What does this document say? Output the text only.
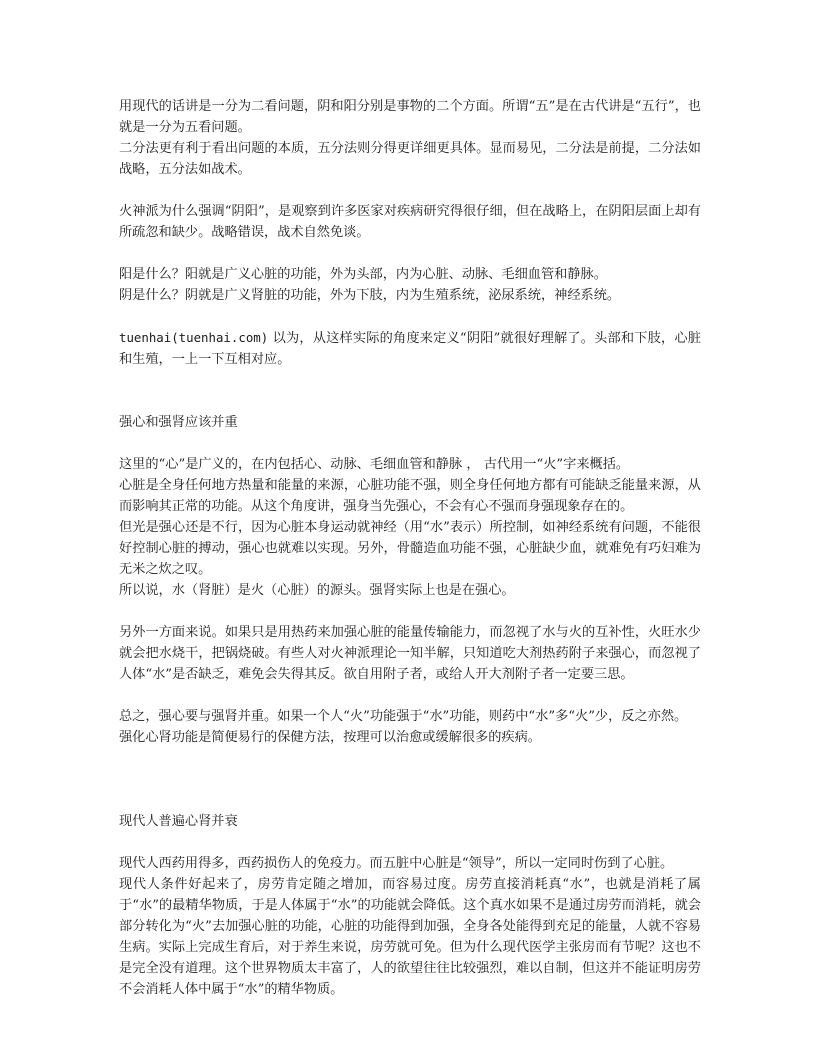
用现代的话讲是一分为二看问题，阴和阳分别是事物的二个方面。所谓“五”是在古代讲是“五行”，也就是一分为五看问题。

二分法更有利于看出问题的本质，五分法则分得更详细更具体。显而易见，二分法是前提，二分法如战略，五分法如战术。

火神派为什么强调“阴阳”，是观察到许多医家对疾病研究得很仔细，但在战略上，在阴阳层面上却有所疏忽和缺少。战略错误，战术自然免谈。

阳是什么？阳就是广义心脏的功能，外为头部，内为心脏、动脉、毛细血管和静脉。

阴是什么？阴就是广义肾脏的功能，外为下肢，内为生殖系统，泌尿系统，神经系统。

tuenhai(tuenhai.com) 以为，从这样实际的角度来定义“阴阳”就很好理解了。头部和下肢，心脏和生殖，一上一下互相对应。

强心和强肾应该并重

这里的“心”是广义的，在内包括心、动脉、毛细血管和静脉 ， 古代用一“火”字来概括。

心脏是全身任何地方热量和能量的来源，心脏功能不强，则全身任何地方都有可能缺乏能量来源，从而影响其正常的功能。从这个角度讲，强身当先强心，不会有心不强而身强现象存在的。

但光是强心还是不行，因为心脏本身运动就神经（用“水”表示）所控制，如神经系统有问题，不能很好控制心脏的搏动，强心也就难以实现。另外，骨髓造血功能不强，心脏缺少血，就难免有巧妇难为无米之炊之叹。

所以说，水（肾脏）是火（心脏）的源头。强肾实际上也是在强心。

另外一方面来说。如果只是用热药来加强心脏的能量传输能力，而忽视了水与火的互补性，火旺水少就会把水烧干，把锅烧破。有些人对火神派理论一知半解，只知道吃大剂热药附子来强心，而忽视了人体“水”是否缺乏，难免会失得其反。欲自用附子者，或给人开大剂附子者一定要三思。

总之，强心要与强肾并重。如果一个人“火”功能强于“水”功能，则药中“水”多“火”少，反之亦然。

强化心肾功能是简便易行的保健方法，按理可以治愈或缓解很多的疾病。

现代人普遍心肾并衰

现代人西药用得多，西药损伤人的免疫力。而五脏中心脏是“领导”，所以一定同时伤到了心脏。

现代人条件好起来了，房劳肯定随之增加，而容易过度。房劳直接消耗真“水”，也就是消耗了属于“水”的最精华物质，于是人体属于“水”的功能就会降低。这个真水如果不是通过房劳而消耗，就会部分转化为“火”去加强心脏的功能，心脏的功能得到加强，全身各处能得到充足的能量，人就不容易生病。实际上完成生育后，对于养生来说，房劳就可免。但为什么现代医学主张房而有节呢？这也不是完全没有道理。这个世界物质太丰富了，人的欲望往往比较强烈，难以自制，但这并不能证明房劳不会消耗人体中属于“水”的精华物质。
